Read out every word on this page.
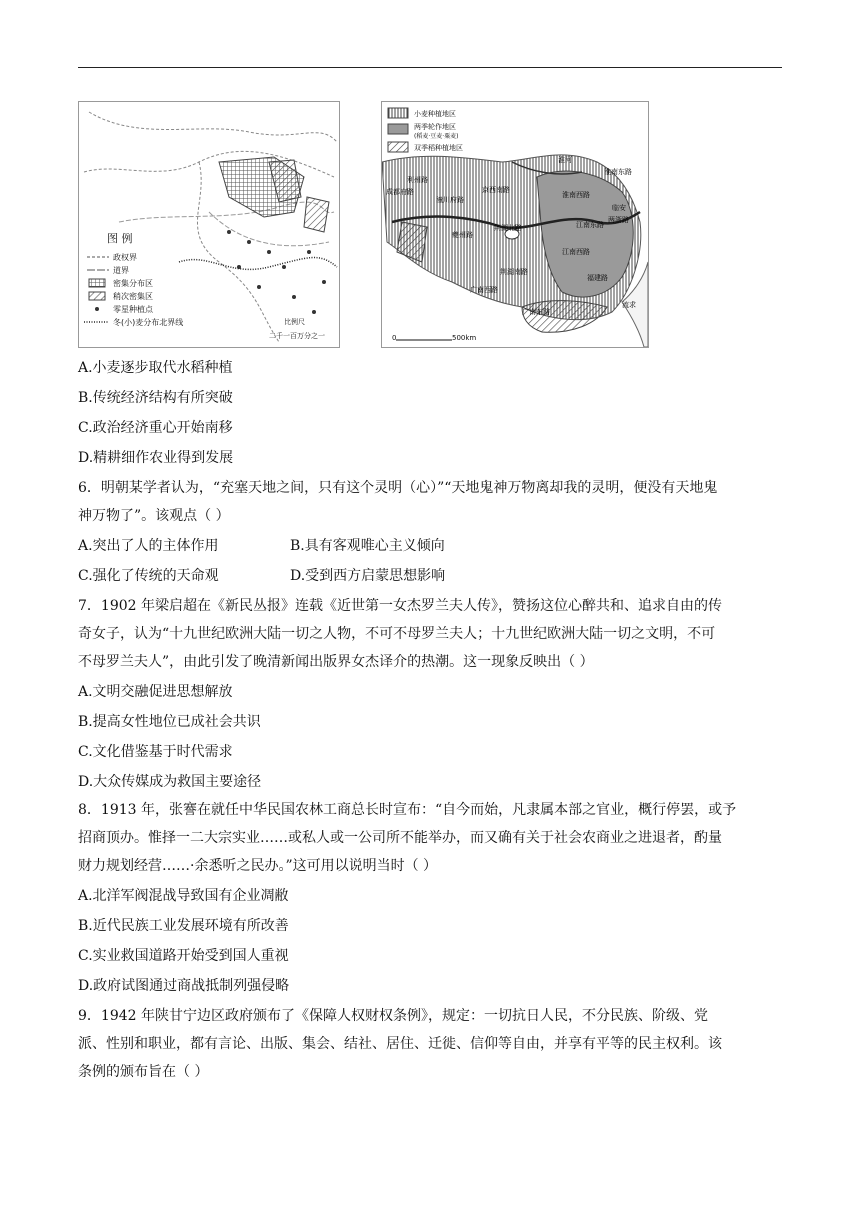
图 例
政权界
道界
密集分布区
稍次密集区
零星种植点
冬(小)麦分布北界线	比例尺
二千一百万分之一
小麦种植地区
两季轮作地区
(稻麦·豆麦·粟麦)
双季稻种植地区
淮河
淮南东路
成都府路
利州路
京西南路
淮南西路
潼川府路
荆湖北路	江南东路
两浙路
临安
夔州路
江南西路
荆湖南路
福建路
广南西路
广南东路
流求
0	500km
A.小麦逐步取代水稻种植
B.传统经济结构有所突破
C.政治经济重心开始南移
D.精耕细作农业得到发展
6．明朝某学者认为，“充塞天地之间，只有这个灵明（心）”“天地鬼神万物离却我的灵明，便没有天地鬼
神万物了”。该观点（ ）
A.突出了人的主体作用	B.具有客观唯心主义倾向
C.强化了传统的天命观	D.受到西方启蒙思想影响
7．1902 年梁启超在《新民丛报》连载《近世第一女杰罗兰夫人传》，赞扬这位心醉共和、追求自由的传
奇女子，认为“十九世纪欧洲大陆一切之人物，不可不母罗兰夫人；十九世纪欧洲大陆一切之文明，不可
不母罗兰夫人”，由此引发了晚清新闻出版界女杰译介的热潮。这一现象反映出（ ）
A.文明交融促进思想解放
B.提高女性地位已成社会共识
C.文化借鉴基于时代需求
D.大众传媒成为救国主要途径
8．1913 年，张謇在就任中华民国农林工商总长时宣布：“自今而始，凡隶属本部之官业，概行停罢，或予
招商顶办。惟择一二大宗实业……或私人或一公司所不能举办，而又确有关于社会农商业之进退者，酌量
财力规划经营……·余悉听之民办。”这可用以说明当时（ ）
A.北洋军阀混战导致国有企业凋敝
B.近代民族工业发展环境有所改善
C.实业救国道路开始受到国人重视
D.政府试图通过商战抵制列强侵略
9．1942 年陕甘宁边区政府颁布了《保障人权财权条例》，规定：一切抗日人民，不分民族、阶级、党
派、性别和职业，都有言论、出版、集会、结社、居住、迁徙、信仰等自由，并享有平等的民主权利。该
条例的颁布旨在（ ）
